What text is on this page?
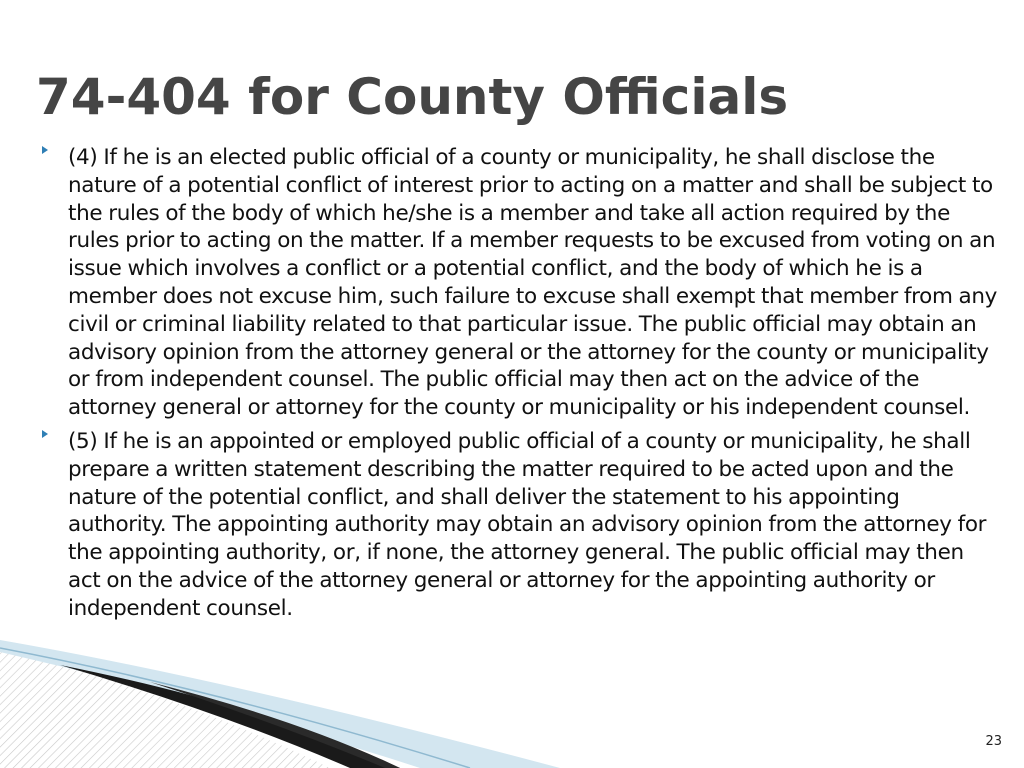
74-404 for County Officials
(4) If he is an elected public official of a county or municipality, he shall disclose the nature of a potential conflict of interest prior to acting on a matter and shall be subject to the rules of the body of which he/she is a member and take all action required by the rules prior to acting on the matter. If a member requests to be excused from voting on an issue which involves a conflict or a potential conflict, and the body of which he is a member does not excuse him, such failure to excuse shall exempt that member from any civil or criminal liability related to that particular issue. The public official may obtain an advisory opinion from the attorney general or the attorney for the county or municipality or from independent counsel. The public official may then act on the advice of the attorney general or attorney for the county or municipality or his independent counsel.
(5) If he is an appointed or employed public official of a county or municipality, he shall prepare a written statement describing the matter required to be acted upon and the nature of the potential conflict, and shall deliver the statement to his appointing authority. The appointing authority may obtain an advisory opinion from the attorney for the appointing authority, or, if none, the attorney general. The public official may then act on the advice of the attorney general or attorney for the appointing authority or independent counsel.
23
